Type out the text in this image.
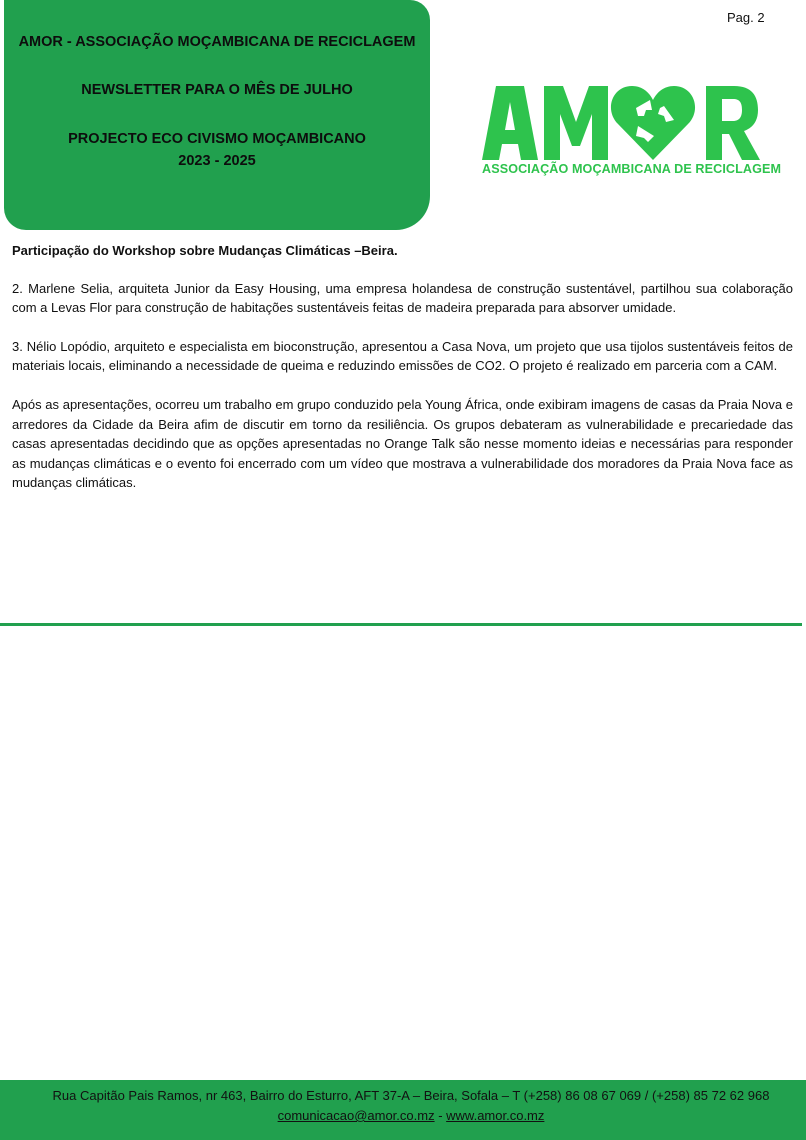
AMOR - ASSOCIAÇÃO MOÇAMBICANA DE RECICLAGEM
NEWSLETTER PARA O MÊS DE JULHO
PROJECTO ECO CIVISMO MOÇAMBICANO
2023 - 2025
Pag. 2
ASSOCIAÇÃO MOÇAMBICANA DE RECICLAGEM

Participação do Workshop sobre Mudanças Climáticas –Beira.

2. Marlene Selia, arquiteta Junior da Easy Housing, uma empresa holandesa de construção sustentável, partilhou sua colaboração com a Levas Flor para construção de habitações sustentáveis feitas de madeira preparada para absorver umidade.

3. Nélio Lopódio, arquiteto e especialista em bioconstrução, apresentou a Casa Nova, um projeto que usa tijolos sustentáveis feitos de materiais locais, eliminando a necessidade de queima e reduzindo emissões de CO2. O projeto é realizado em parceria com a CAM.

Após as apresentações, ocorreu um trabalho em grupo conduzido pela Young África, onde exibiram imagens de casas da Praia Nova e arredores da Cidade da Beira afim de discutir em torno da resiliência. Os grupos debateram as vulnerabilidade e precariedade das casas apresentadas decidindo que as opções apresentadas no Orange Talk são nesse momento ideias e necessárias para responder as mudanças climáticas e o evento foi encerrado com um vídeo que mostrava a vulnerabilidade dos moradores da Praia Nova face as mudanças climáticas.

Rua Capitão Pais Ramos, nr 463, Bairro do Esturro, AFT 37-A – Beira, Sofala – T (+258) 86 08 67 069 / (+258) 85 72 62 968
comunicacao@amor.co.mz - www.amor.co.mz
